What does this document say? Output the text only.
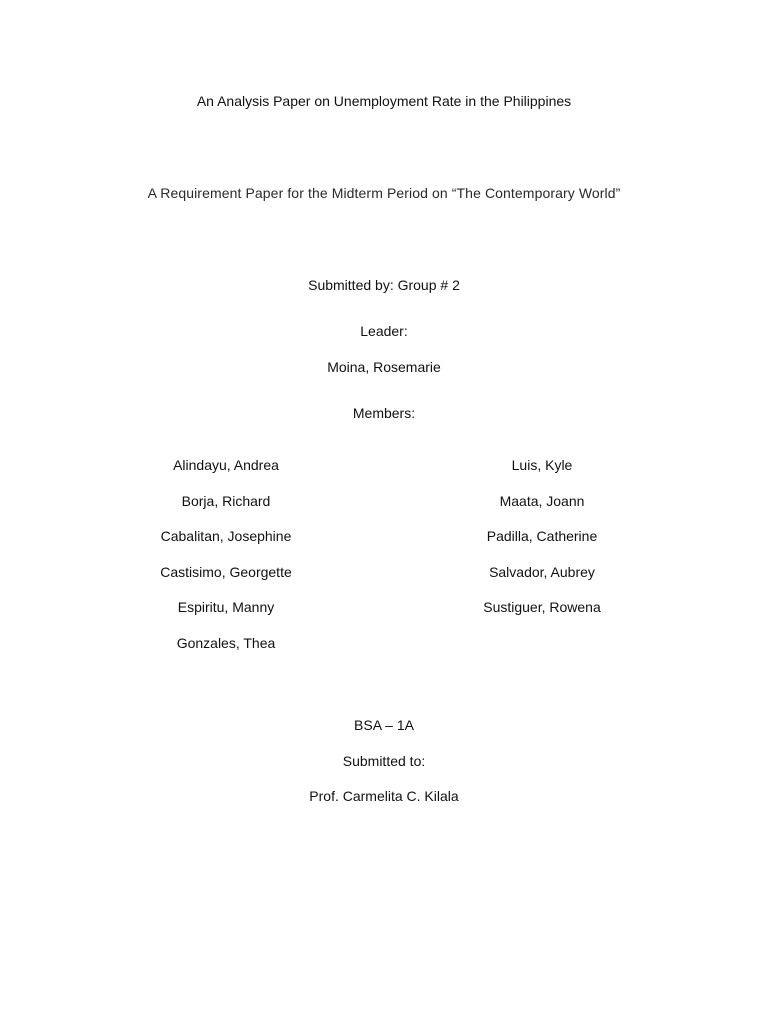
An Analysis Paper on Unemployment Rate in the Philippines
A Requirement Paper for the Midterm Period on “The Contemporary World”
Submitted by: Group # 2
Leader:
Moina, Rosemarie
Members:
Alindayu, Andrea
Borja, Richard
Cabalitan, Josephine
Castisimo, Georgette
Espiritu, Manny
Gonzales, Thea
Luis, Kyle
Maata, Joann
Padilla, Catherine
Salvador, Aubrey
Sustiguer, Rowena
BSA – 1A
Submitted to:
Prof. Carmelita C. Kilala
